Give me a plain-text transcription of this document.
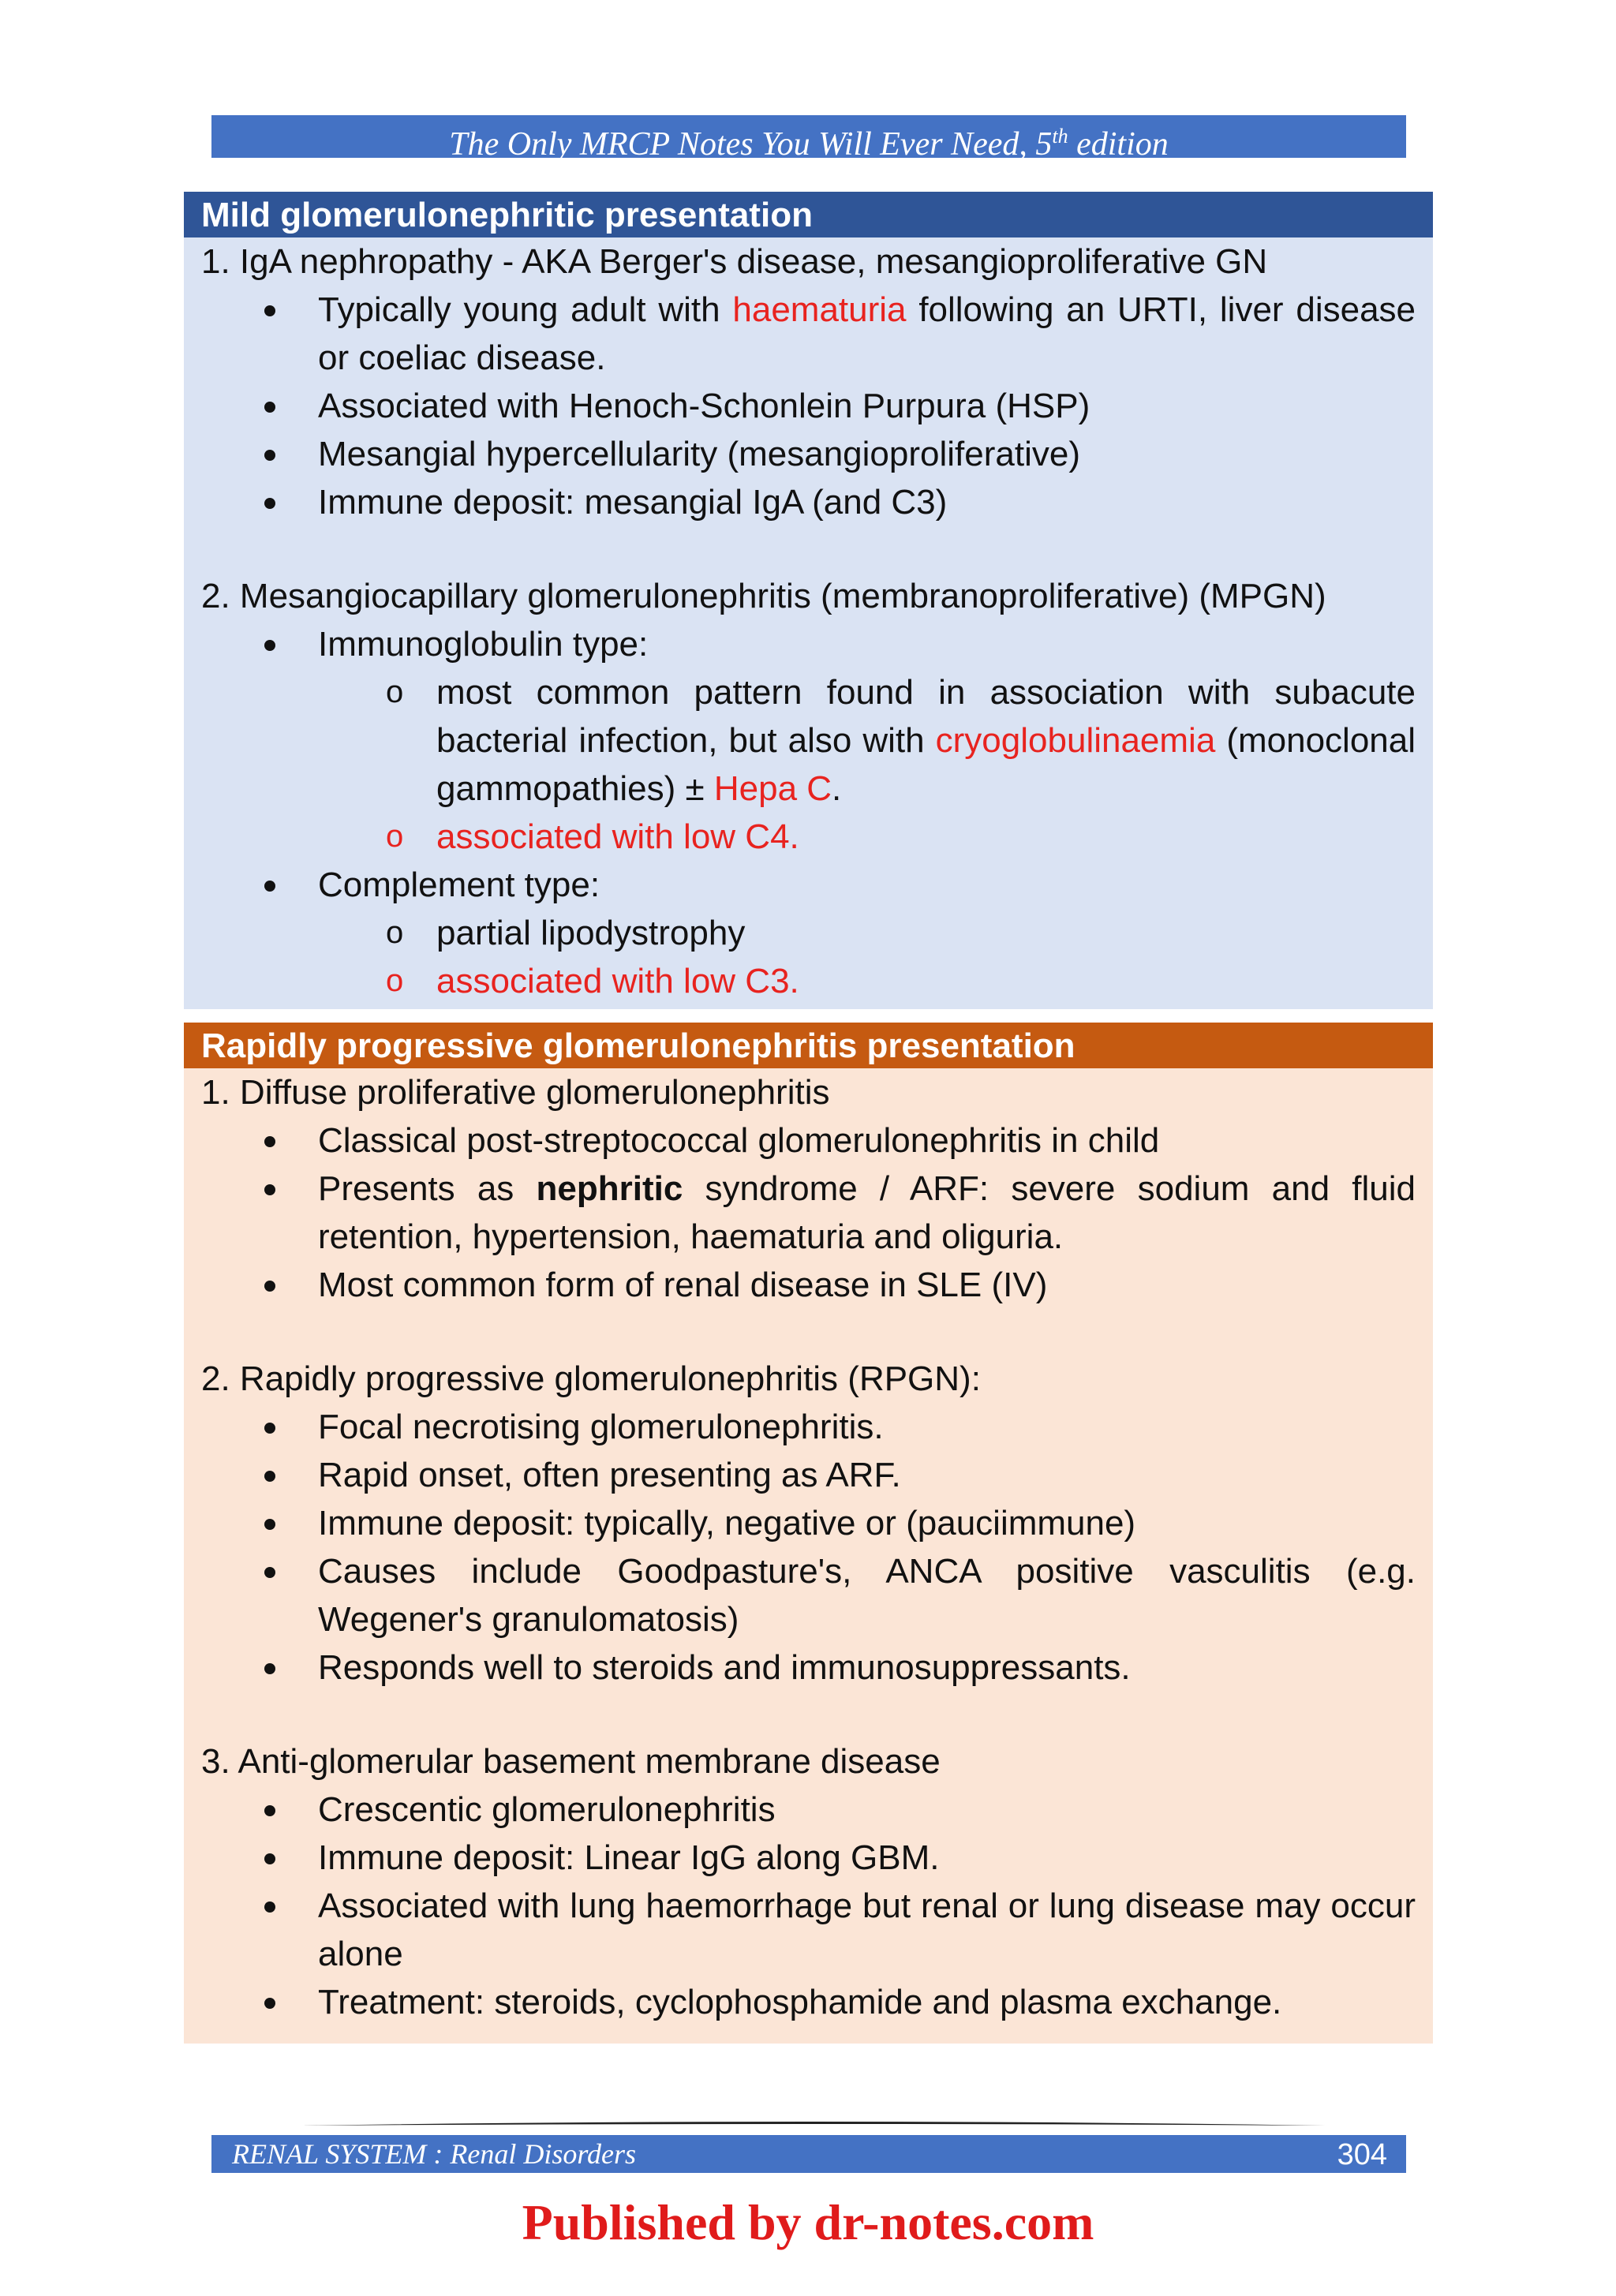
The Only MRCP Notes You Will Ever Need, 5th edition
Mild glomerulonephritic presentation

1. IgA nephropathy - AKA Berger's disease, mesangioproliferative GN

Typically young adult with haematuria following an URTI, liver disease or coeliac disease.
Associated with Henoch-Schonlein Purpura (HSP)
Mesangial hypercellularity (mesangioproliferative)
Immune deposit: mesangial IgA (and C3)

2. Mesangiocapillary glomerulonephritis (membranoproliferative) (MPGN)

Immunoglobulin type:
o most common pattern found in association with subacute bacterial infection, but also with cryoglobulinaemia (monoclonal gammopathies) ± Hepa C.
o associated with low C4.
Complement type:
o partial lipodystrophy
o associated with low C3.
Rapidly progressive glomerulonephritis presentation

1. Diffuse proliferative glomerulonephritis

Classical post-streptococcal glomerulonephritis in child
Presents as nephritic syndrome / ARF: severe sodium and fluid retention, hypertension, haematuria and oliguria.
Most common form of renal disease in SLE (IV)

2. Rapidly progressive glomerulonephritis (RPGN):

Focal necrotising glomerulonephritis.
Rapid onset, often presenting as ARF.
Immune deposit: typically, negative or (pauciimmune)
Causes include Goodpasture's, ANCA positive vasculitis (e.g. Wegener's granulomatosis)
Responds well to steroids and immunosuppressants.

3. Anti-glomerular basement membrane disease

Crescentic glomerulonephritis
Immune deposit: Linear IgG along GBM.
Associated with lung haemorrhage but renal or lung disease may occur alone
Treatment: steroids, cyclophosphamide and plasma exchange.
RENAL SYSTEM : Renal Disorders	304
Published by dr-notes.com
